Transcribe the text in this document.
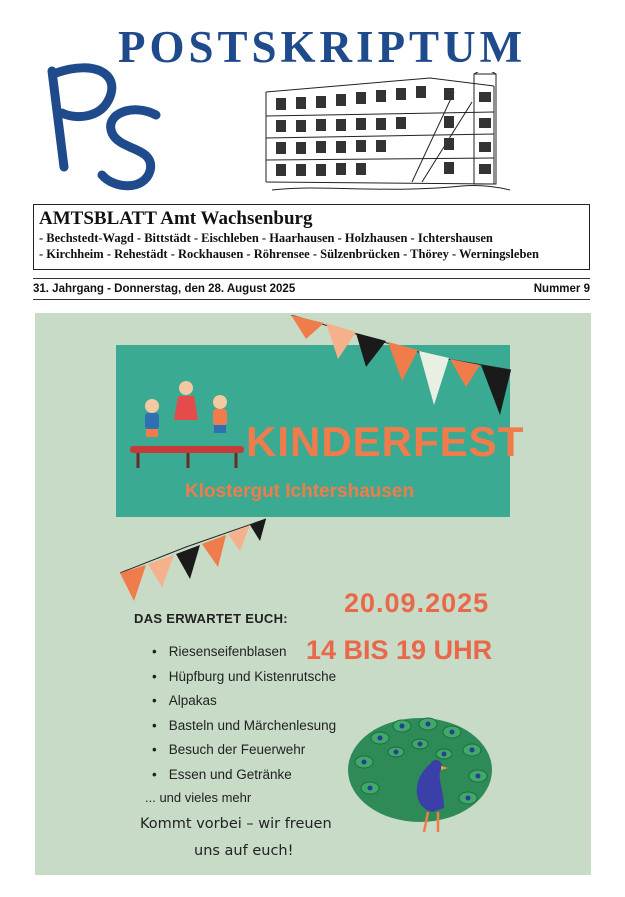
POSTSKRIPTUM
AMTSBLATT Amt Wachsenburg
- Bechstedt-Wagd - Bittstädt - Eischleben - Haarhausen - Holzhausen - Ichtershausen
- Kirchheim - Rehestädt - Rockhausen - Röhrensee - Sülzenbrücken - Thörey - Werningsleben
31. Jahrgang - Donnerstag, den 28. August 2025	Nummer 9
KINDERFEST
Klostergut Ichtershausen
20.09.2025
14 BIS 19 UHR
DAS ERWARTET EUCH:
• Riesenseifenblasen
• Hüpfburg und Kistenrutsche
• Alpakas
• Basteln und Märchenlesung
• Besuch der Feuerwehr
• Essen und Getränke
... und vieles mehr
Kommt vorbei – wir freuen
uns auf euch!
